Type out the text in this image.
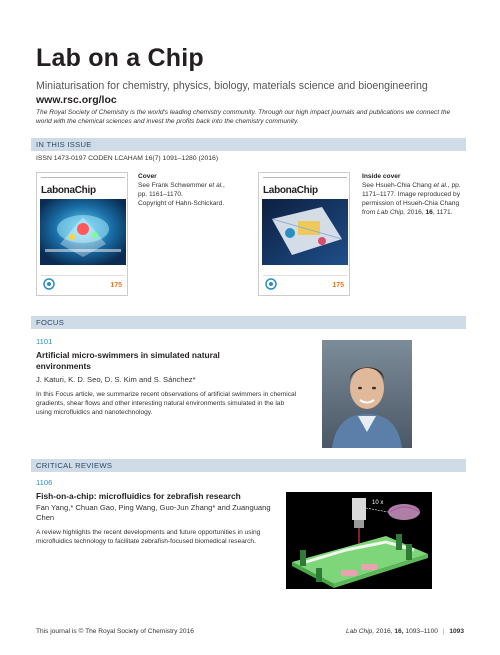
Lab on a Chip
Miniaturisation for chemistry, physics, biology, materials science and bioengineering
www.rsc.org/loc
The Royal Society of Chemistry is the world's leading chemistry community. Through our high impact journals and publications we connect the world with the chemical sciences and invest the profits back into the chemistry community.
IN THIS ISSUE
ISSN 1473-0197 CODEN LCAHAM 16(7) 1091–1280 (2016)
LabonaChip
175
Cover
See Frank Schwemmer et al.,
pp. 1161–1170.
Copyright of Hahn-Schickard.
LabonaChip
175
Inside cover
See Hsueh-Chia Chang et al., pp. 1171–1177. Image reproduced by permission of Hsueh-Chia Chang from Lab Chip, 2016, 16, 1171.
FOCUS
1101
Artificial micro-swimmers in simulated natural environments
J. Katuri, K. D. Seo, D. S. Kim and S. Sánchez*
In this Focus article, we summarize recent observations of artificial swimmers in chemical gradients, shear flows and other interesting natural environments simulated in the lab using microfluidics and nanotechnology.
CRITICAL REVIEWS
1106
Fish-on-a-chip: microfluidics for zebrafish research
Fan Yang,* Chuan Gao, Ping Wang, Guo-Jun Zhang* and Zuanguang Chen
A review highlights the recent developments and future opportunities in using microfluidics technology to facilitate zebrafish-focused biomedical research.
10 x
This journal is © The Royal Society of Chemistry 2016	Lab Chip, 2016, 16, 1093–1100 | 1093
